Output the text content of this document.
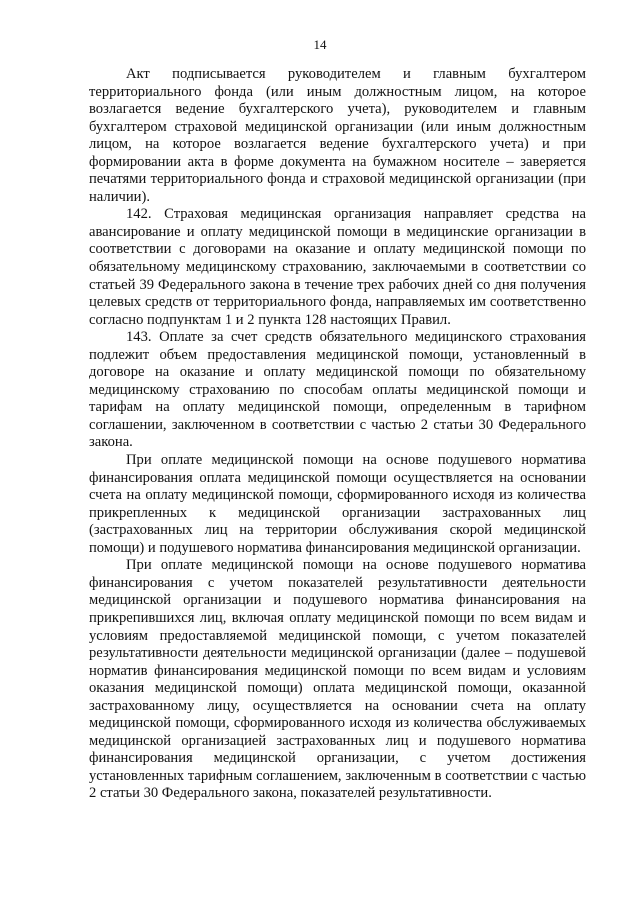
14

Акт подписывается руководителем и главным бухгалтером территориального фонда (или иным должностным лицом, на которое возлагается ведение бухгалтерского учета), руководителем и главным бухгалтером страховой медицинской организации (или иным должностным лицом, на которое возлагается ведение бухгалтерского учета) и при формировании акта в форме документа на бумажном носителе – заверяется печатями территориального фонда и страховой медицинской организации (при наличии).

142. Страховая медицинская организация направляет средства на авансирование и оплату медицинской помощи в медицинские организации в соответствии с договорами на оказание и оплату медицинской помощи по обязательному медицинскому страхованию, заключаемыми в соответствии со статьей 39 Федерального закона в течение трех рабочих дней со дня получения целевых средств от территориального фонда, направляемых им соответственно согласно подпунктам 1 и 2 пункта 128 настоящих Правил.

143. Оплате за счет средств обязательного медицинского страхования подлежит объем предоставления медицинской помощи, установленный в договоре на оказание и оплату медицинской помощи по обязательному медицинскому страхованию по способам оплаты медицинской помощи и тарифам на оплату медицинской помощи, определенным в тарифном соглашении, заключенном в соответствии с частью 2 статьи 30 Федерального закона.

При оплате медицинской помощи на основе подушевого норматива финансирования оплата медицинской помощи осуществляется на основании счета на оплату медицинской помощи, сформированного исходя из количества прикрепленных к медицинской организации застрахованных лиц (застрахованных лиц на территории обслуживания скорой медицинской помощи) и подушевого норматива финансирования медицинской организации.

При оплате медицинской помощи на основе подушевого норматива финансирования с учетом показателей результативности деятельности медицинской организации и подушевого норматива финансирования на прикрепившихся лиц, включая оплату медицинской помощи по всем видам и условиям предоставляемой медицинской помощи, с учетом показателей результативности деятельности медицинской организации (далее – подушевой норматив финансирования медицинской помощи по всем видам и условиям оказания медицинской помощи) оплата медицинской помощи, оказанной застрахованному лицу, осуществляется на основании счета на оплату медицинской помощи, сформированного исходя из количества обслуживаемых медицинской организацией застрахованных лиц и подушевого норматива финансирования медицинской организации, с учетом достижения установленных тарифным соглашением, заключенным в соответствии с частью 2 статьи 30 Федерального закона, показателей результативности.
